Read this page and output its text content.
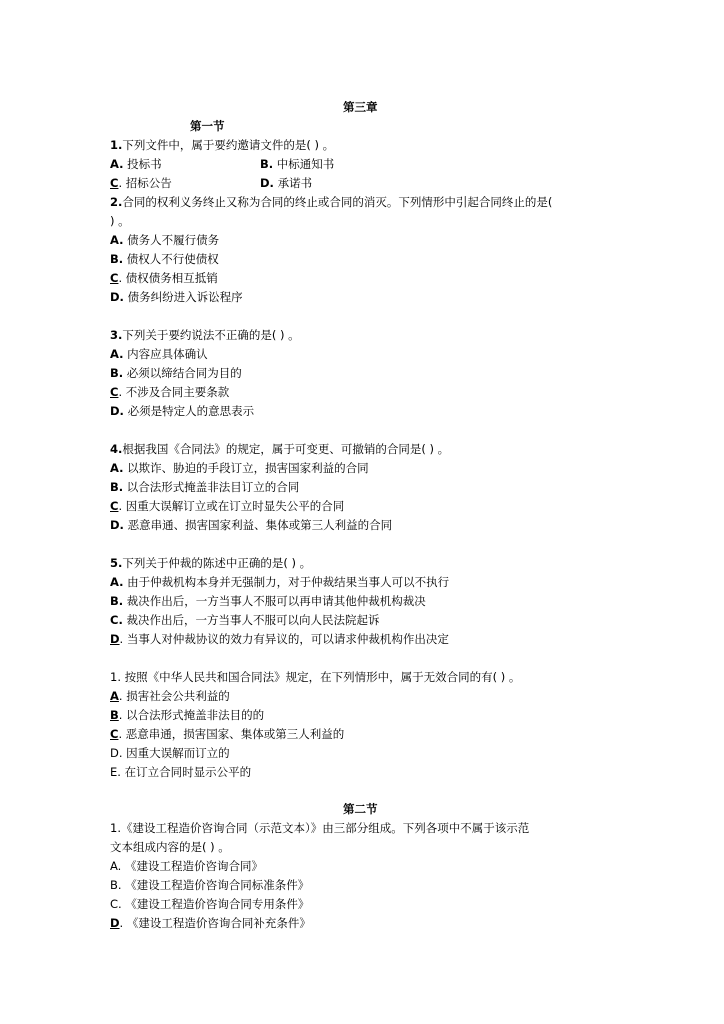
第三章
第一节
1.下列文件中，属于要约邀请文件的是( ) 。
A. 投标书	B. 中标通知书
C. 招标公告	D. 承诺书
2.合同的权利义务终止又称为合同的终止或合同的消灭。下列情形中引起合同终止的是(
) 。
A. 债务人不履行债务
B. 债权人不行使债权
C. 债权债务相互抵销
D. 债务纠纷进入诉讼程序
3.下列关于要约说法不正确的是( ) 。
A. 内容应具体确认
B. 必须以缔结合同为目的
C. 不涉及合同主要条款
D. 必须是特定人的意思表示
4.根据我国《合同法》的规定，属于可变更、可撤销的合同是( ) 。
A. 以欺诈、胁迫的手段订立，损害国家利益的合同
B. 以合法形式掩盖非法目订立的合同
C. 因重大误解订立或在订立时显失公平的合同
D. 恶意串通、损害国家利益、集体或第三人利益的合同
5.下列关于仲裁的陈述中正确的是( ) 。
A. 由于仲裁机构本身并无强制力，对于仲裁结果当事人可以不执行
B. 裁决作出后，一方当事人不服可以再申请其他仲裁机构裁决
C. 裁决作出后，一方当事人不服可以向人民法院起诉
D. 当事人对仲裁协议的效力有异议的，可以请求仲裁机构作出决定
1. 按照《中华人民共和国合同法》规定，在下列情形中，属于无效合同的有( ) 。
A. 损害社会公共利益的
B. 以合法形式掩盖非法目的的
C. 恶意串通，损害国家、集体或第三人利益的
D. 因重大误解而订立的
E. 在订立合同时显示公平的
第二节
1.《建设工程造价咨询合同（示范文本）》由三部分组成。下列各项中不属于该示范
文本组成内容的是( ) 。
A. 《建设工程造价咨询合同》
B. 《建设工程造价咨询合同标准条件》
C. 《建设工程造价咨询合同专用条件》
D. 《建设工程造价咨询合同补充条件》
